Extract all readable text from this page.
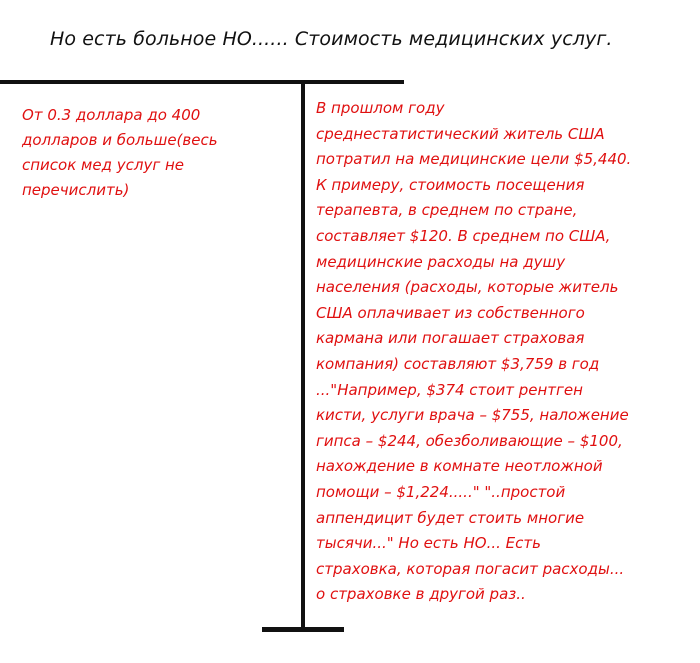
Но есть больное НО...... Стоимость медицинских услуг.
От 0.3 доллара до 400
долларов и больше(весь
список мед услуг не
перечислить)
В прошлом году
среднестатистический житель США
потратил на медицинские цели $5,440.
К примеру, стоимость посещения
терапевта, в среднем по стране,
составляет $120. В среднем по США,
медицинские расходы на душу
населения (расходы, которые житель
США оплачивает из собственного
кармана или погашает страховая
компания) составляют $3,759 в год
..."Например, $374 стоит рентген
кисти, услуги врача – $755, наложение
гипса – $244, обезболивающие – $100,
нахождение в комнате неотложной
помощи – $1,224....." "..простой
аппендицит будет стоить многие
тысячи..." Но есть НО... Есть
страховка, которая погасит расходы...
о страховке в другой раз..
